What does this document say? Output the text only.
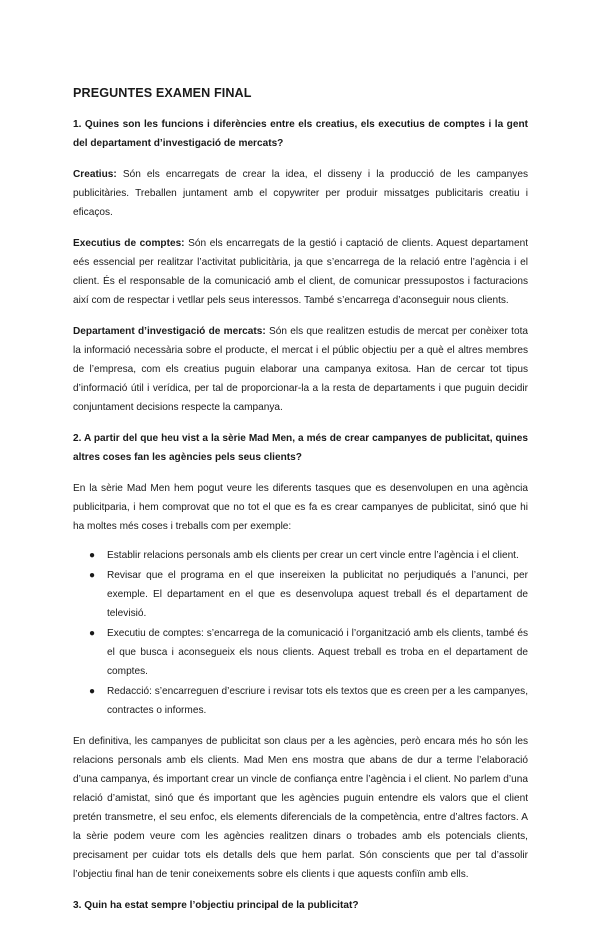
PREGUNTES EXAMEN FINAL

1. Quines son les funcions i diferències entre els creatius, els executius de comptes i la gent del departament d’investigació de mercats?

Creatius: Són els encarregats de crear la idea, el disseny i la producció de les campanyes publicitàries. Treballen juntament amb el copywriter per produir missatges publicitaris creatiu i eficaços.

Executius de comptes: Són els encarregats de la gestió i captació de clients. Aquest departament eés essencial per realitzar l’activitat publicitària, ja que s’encarrega de la relació entre l’agència i el client. És el responsable de la comunicació amb el client, de comunicar pressupostos i facturacions així com de respectar i vetllar pels seus interessos. També s’encarrega d’aconseguir nous clients.

Departament d’investigació de mercats: Són els que realitzen estudis de mercat per conèixer tota la informació necessària sobre el producte, el mercat i el públic objectiu per a què el altres membres de l’empresa, com els creatius puguin elaborar una campanya exitosa. Han de cercar tot tipus d’informació útil i verídica, per tal de proporcionar-la a la resta de departaments i que puguin decidir conjuntament decisions respecte la campanya.

2. A partir del que heu vist a la sèrie Mad Men, a més de crear campanyes de publicitat, quines altres coses fan les agències pels seus clients?

En la sèrie Mad Men hem pogut veure les diferents tasques que es desenvolupen en una agència publicitparia, i hem comprovat que no tot el que es fa es crear campanyes de publicitat, sinó que hi ha moltes més coses i treballs com per exemple:

● Establir relacions personals amb els clients per crear un cert vincle entre l’agència i el client.
● Revisar que el programa en el que insereixen la publicitat no perjudiqués a l’anunci, per exemple. El departament en el que es desenvolupa aquest treball és el departament de televisió.
● Executiu de comptes: s’encarrega de la comunicació i l’organització amb els clients, també és el que busca i aconsegueix els nous clients. Aquest treball es troba en el departament de comptes.
● Redacció: s’encarreguen d’escriure i revisar tots els textos que es creen per a les campanyes, contractes o informes.

En definitiva, les campanyes de publicitat son claus per a les agències, però encara més ho són les relacions personals amb els clients. Mad Men ens mostra que abans de dur a terme l’elaboració d’una campanya, és important crear un vincle de confiança entre l’agència i el client. No parlem d’una relació d’amistat, sinó que és important que les agències puguin entendre els valors que el client pretén transmetre, el seu enfoc, els elements diferencials de la competència, entre d’altres factors. A la sèrie podem veure com les agències realitzen dinars o trobades amb els potencials clients, precisament per cuidar tots els detalls dels que hem parlat. Són conscients que per tal d’assolir l’objectiu final han de tenir coneixements sobre els clients i que aquests confiïn amb ells.

3. Quin ha estat sempre l’objectiu principal de la publicitat?
